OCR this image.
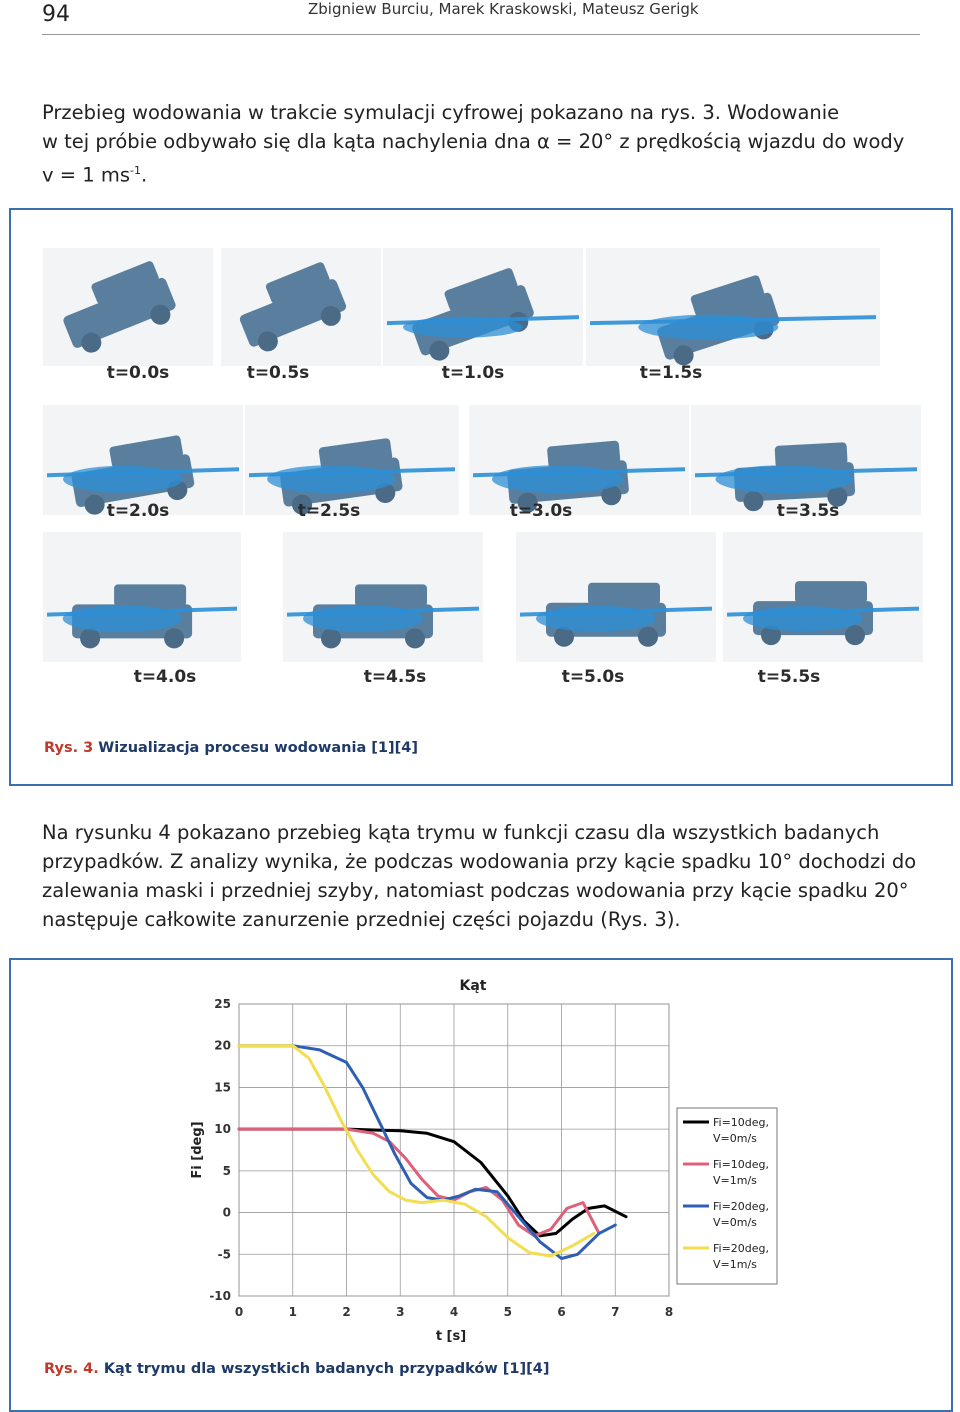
94	Zbigniew Burciu, Marek Kraskowski, Mateusz Gerigk
Przebieg wodowania w trakcie symulacji cyfrowej pokazano na rys. 3. Wodowanie
w tej próbie odbywało się dla kąta nachylenia dna α = 20° z prędkością wjazdu do wody
v = 1 $ms^{-1}$.
t=0.0s	t=0.5s	t=1.0s	t=1.5s
t=2.0s	t=2.5s	t=3.0s	t=3.5s
t=4.0s	t=4.5s	t=5.0s	t=5.5s
Rys. 3 Wizualizacja procesu wodowania [1][4]
Na rysunku 4 pokazano przebieg kąta trymu w funkcji czasu dla wszystkich badanych
przypadków. Z analizy wynika, że podczas wodowania przy kącie spadku 10° dochodzi do
zalewania maski i przedniej szyby, natomiast podczas wodowania przy kącie spadku 20°
następuje całkowite zanurzenie przedniej części pojazdu (Rys. 3).
0	1	2	3	4	5	6	7	8
25
20
15
10
5
0
-5
-10
Kąt
t [s]
Fi [deg]	Fi=10deg,
V=0m/s
Fi=10deg,
V=1m/s
Fi=20deg,
V=0m/s
Fi=20deg,
V=1m/s
Rys. 4. Kąt trymu dla wszystkich badanych przypadków [1][4]
